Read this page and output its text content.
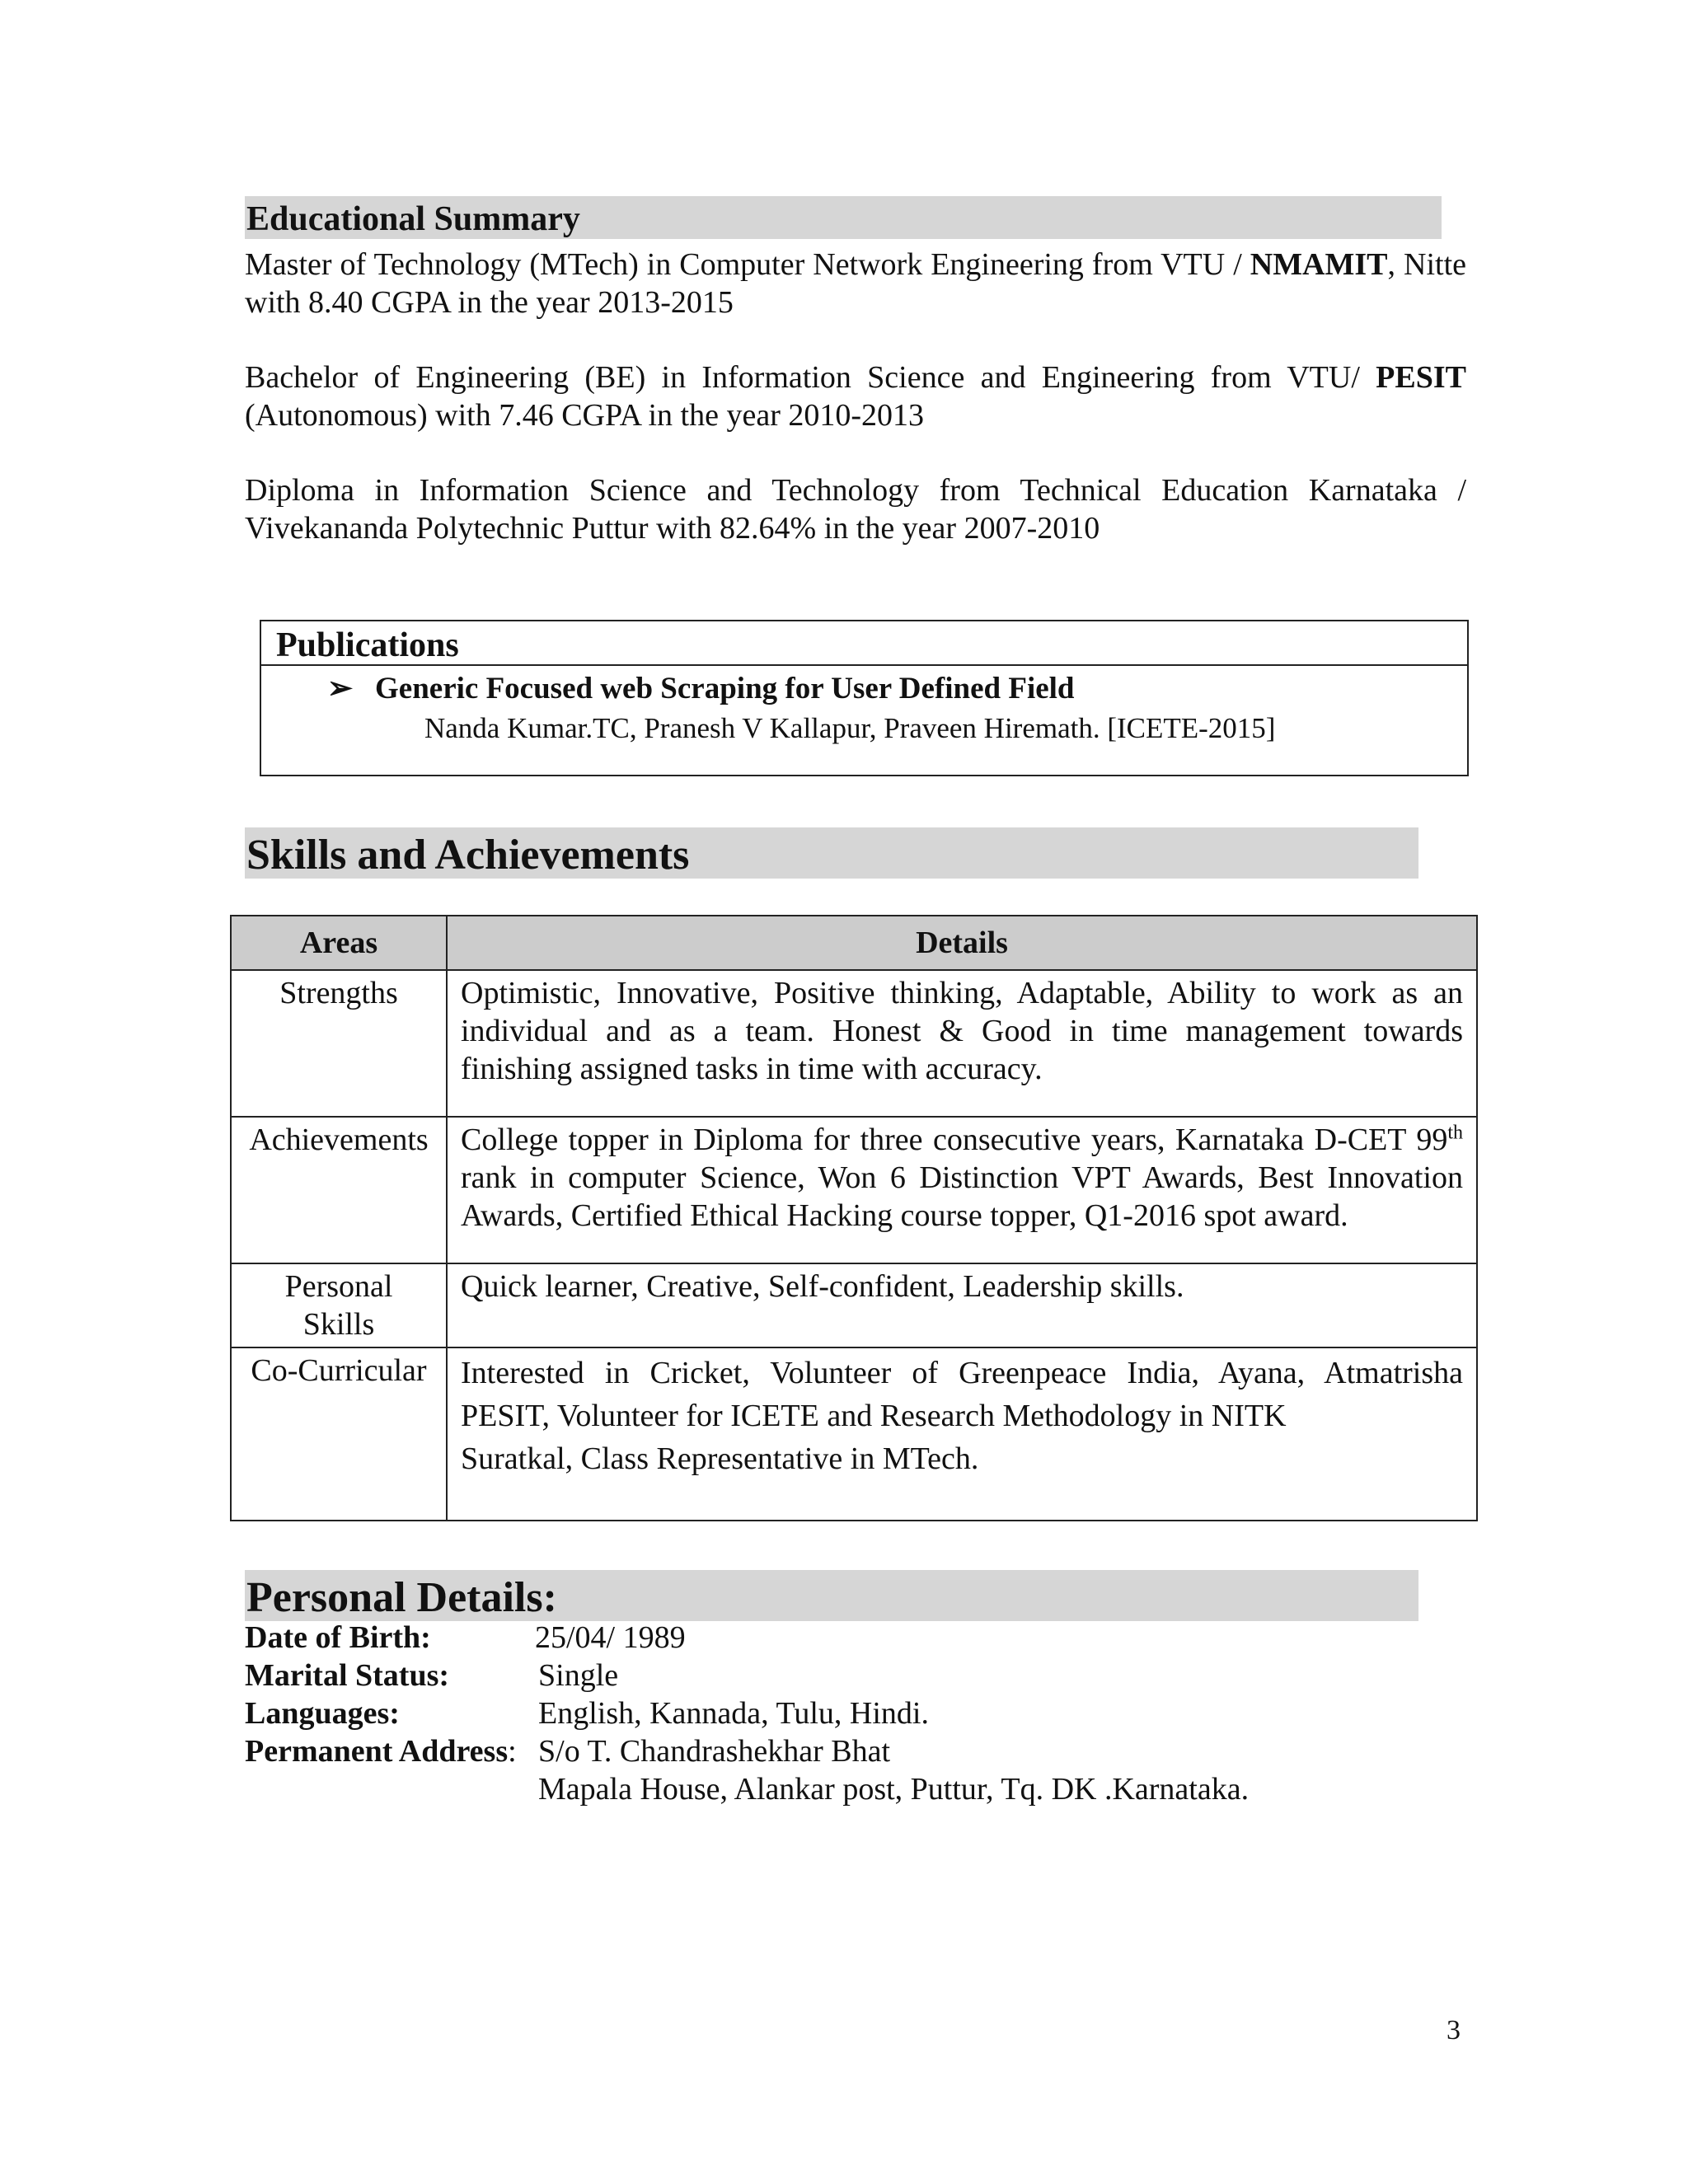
Educational Summary

Master of Technology (MTech) in Computer Network Engineering from VTU / NMAMIT, Nitte with 8.40 CGPA in the year 2013-2015

Bachelor of Engineering (BE) in Information Science and Engineering from VTU/ PESIT (Autonomous) with 7.46 CGPA in the year 2010-2013

Diploma in Information Science and Technology from Technical Education Karnataka / Vivekananda Polytechnic Puttur with 82.64% in the year 2007-2010

Publications
➢ Generic Focused web Scraping for User Defined Field
Nanda Kumar.TC, Pranesh V Kallapur, Praveen Hiremath. [ICETE-2015]
Skills and Achievements
Areas	Details
Strengths	Optimistic, Innovative, Positive thinking, Adaptable, Ability to work as an individual and as a team. Honest & Good in time management towards finishing assigned tasks in time with accuracy.
Achievements	College topper in Diploma for three consecutive years, Karnataka D-CET 99th rank in computer Science, Won 6 Distinction VPT Awards, Best Innovation Awards, Certified Ethical Hacking course topper, Q1-2016 spot award.
Personal
Skills	Quick learner, Creative, Self-confident, Leadership skills.
Co-Curricular	Interested in Cricket, Volunteer of Greenpeace India, Ayana, Atmatrisha
PESIT, Volunteer for ICETE and Research Methodology in NITK
Suratkal, Class Representative in MTech.
Personal Details:
Date of Birth:	25/04/ 1989
Marital Status:	Single
Languages:	English, Kannada, Tulu, Hindi.
Permanent Address: S/o T. Chandrashekhar Bhat
Mapala House, Alankar post, Puttur, Tq. DK .Karnataka.
3
